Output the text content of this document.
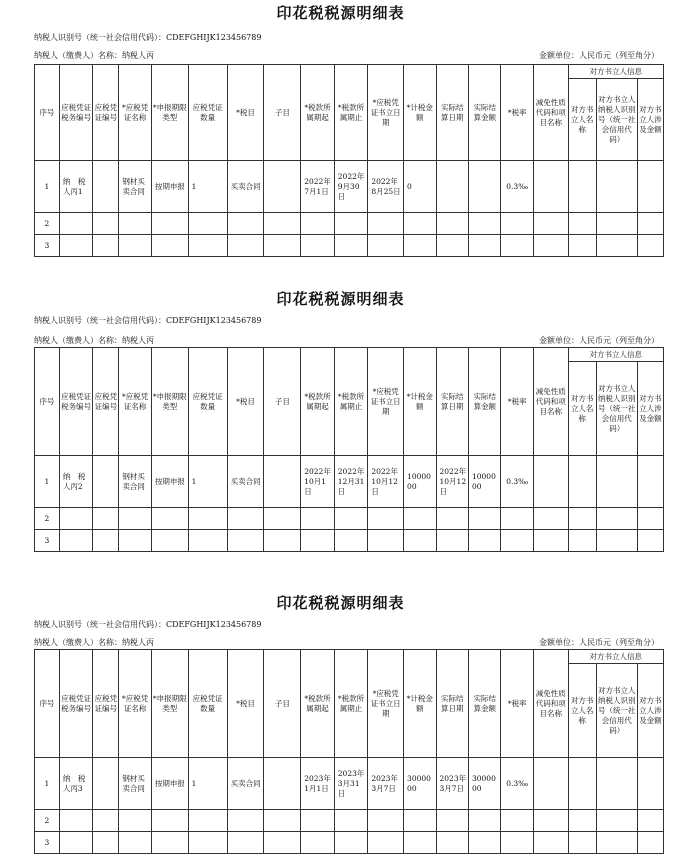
印花税税源明细表
纳税人识别号（统一社会信用代码）：CDEFGHIJK123456789
纳税人（缴费人）名称：纳税人丙	金额单位：人民币元（列至角分）
序号	应税凭证税务编号	应税凭证编号	*应税凭证名称	*申报期限类型	应税凭证数量	*税目	子目	*税款所属期起	*税款所属期止	*应税凭证书立日期	*计税金额	实际结算日期	实际结算金额	*税率	减免性质代码和项目名称	对方书立人信息		
																对方书立人名称	对方书立人纳税人识别号（统一社会信用代码）	对方书立人涉及金额
1	纳　税　人丙1		钢材买卖合同	按期申报	1	买卖合同		2022年7月1日	2022年9月30日	2022年8月25日	0			0.3‰				
2																		
3																		
印花税税源明细表
纳税人识别号（统一社会信用代码）：CDEFGHIJK123456789
纳税人（缴费人）名称：纳税人丙	金额单位：人民币元（列至角分）
序号	应税凭证税务编号	应税凭证编号	*应税凭证名称	*申报期限类型	应税凭证数量	*税目	子目	*税款所属期起	*税款所属期止	*应税凭证书立日期	*计税金额	实际结算日期	实际结算金额	*税率	减免性质代码和项目名称	对方书立人信息		
																对方书立人名称	对方书立人纳税人识别号（统一社会信用代码）	对方书立人涉及金额
1	纳　税　人丙2		钢材买卖合同	按期申报	1	买卖合同		2022年10月1日	2022年12月31日	2022年10月12日	1000000	2022年10月12日	1000000	0.3‰				
2																		
3																		
印花税税源明细表
纳税人识别号（统一社会信用代码）：CDEFGHIJK123456789
纳税人（缴费人）名称：纳税人丙	金额单位：人民币元（列至角分）
序号	应税凭证税务编号	应税凭证编号	*应税凭证名称	*申报期限类型	应税凭证数量	*税目	子目	*税款所属期起	*税款所属期止	*应税凭证书立日期	*计税金额	实际结算日期	实际结算金额	*税率	减免性质代码和项目名称	对方书立人信息		
																对方书立人名称	对方书立人纳税人识别号（统一社会信用代码）	对方书立人涉及金额
1	纳　税　人丙3		钢材买卖合同	按期申报	1	买卖合同		2023年1月1日	2023年3月31日	2023年3月7日	3000000	2023年3月7日	3000000	0.3‰				
2																		
3																		
